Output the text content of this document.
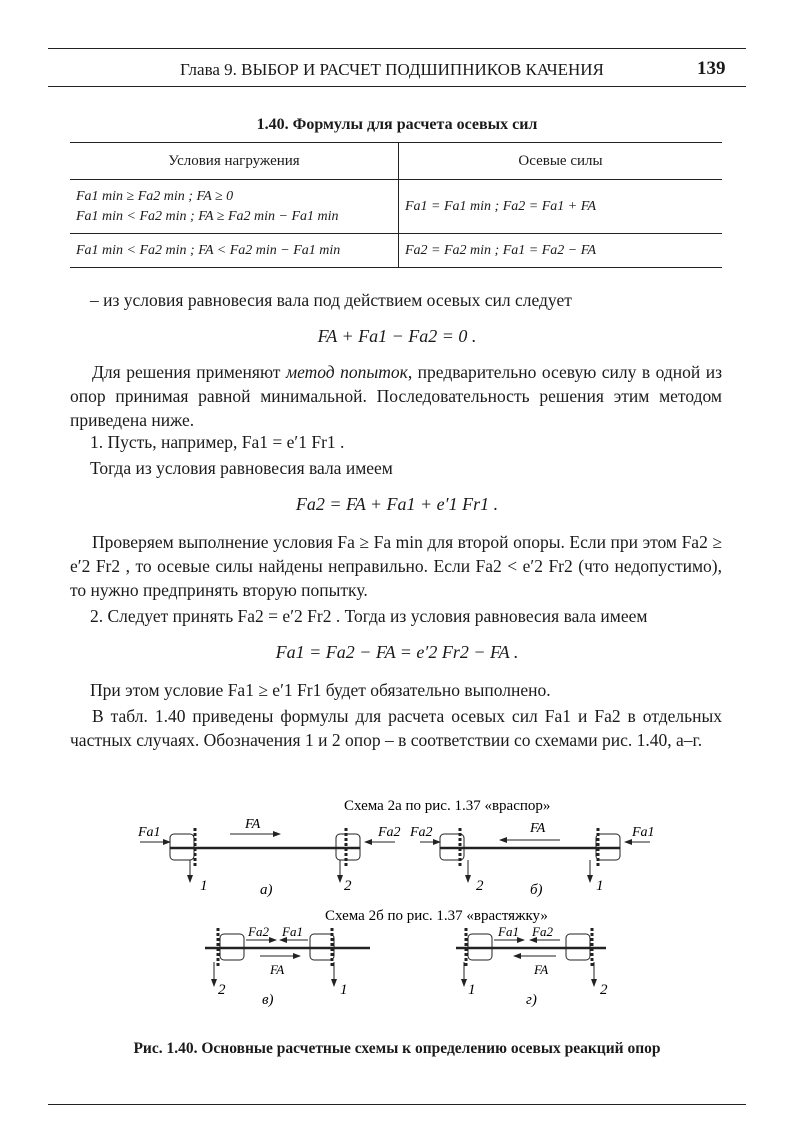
Глава 9. ВЫБОР И РАСЧЕТ ПОДШИПНИКОВ КАЧЕНИЯ	139
1.40. Формулы для расчета осевых сил
Условия нагружения	Осевые силы

Fa1 min ≥ Fa2 min ; FA ≥ 0
Fa1 min < Fa2 min ; FA ≥ Fa2 min − Fa1 min	Fa1 = Fa1 min ; Fa2 = Fa1 + FA
Fa1 min < Fa2 min ; FA < Fa2 min − Fa1 min	Fa2 = Fa2 min ; Fa1 = Fa2 − FA
– из условия равновесия вала под действием осевых сил следует
FA + Fa1 − Fa2 = 0 .
Для решения применяют метод попыток, предварительно осевую силу в одной из опор принимая равной минимальной. Последовательность решения этим методом приведена ниже.
1. Пусть, например, Fa1 = e′1 Fr1 .
Тогда из условия равновесия вала имеем
Fa2 = FA + Fa1 + e′1 Fr1 .
Проверяем выполнение условия Fa ≥ Fa min для второй опоры. Если при этом Fa2 ≥ e′2 Fr2 , то осевые силы найдены неправильно. Если Fa2 < e′2 Fr2 (что недопустимо), то нужно предпринять вторую попытку.
2. Следует принять Fa2 = e′2 Fr2 . Тогда из условия равновесия вала имеем
Fa1 = Fa2 − FA = e′2 Fr2 − FA .
При этом условие Fa1 ≥ e′1 Fr1 будет обязательно выполнено.
В табл. 1.40 приведены формулы для расчета осевых сил Fa1 и Fa2 в отдельных частных случаях. Обозначения 1 и 2 опор – в соответствии со схемами рис. 1.40, а–г.
Схема 2а по рис. 1.37 «враспор»
Fa1
FA
Fa2
1	2
а)
Fa2	FA	Fa1
2	1
б)
Схема 2б по рис. 1.37 «врастяжку»
Fa2 Fa1
FA
2	1
в)
Fa1 Fa2
FA
1	2
г)
Рис. 1.40. Основные расчетные схемы к определению осевых реакций опор
